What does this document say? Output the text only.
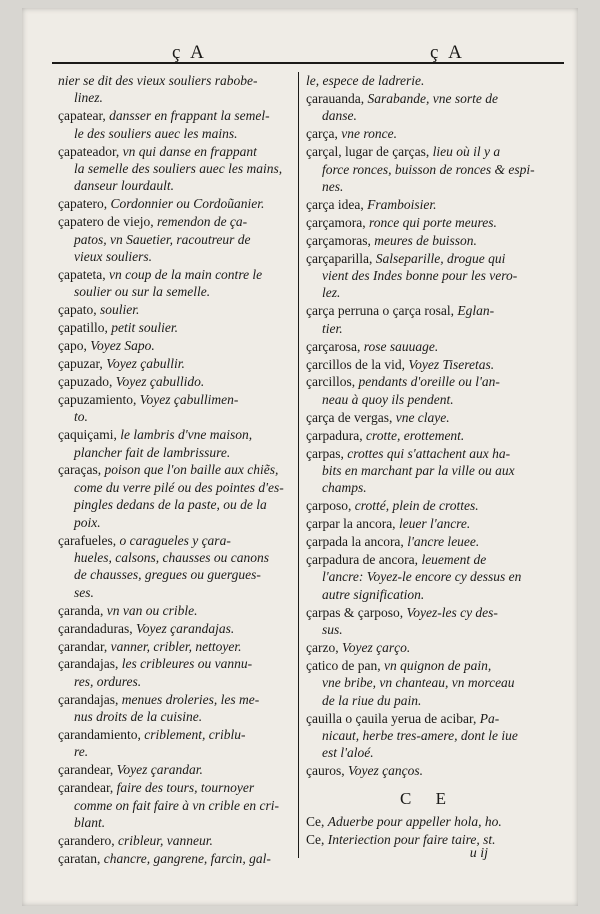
ç A	ç A
nier se dit des vieux souliers rabobe-
linez.
çapatear, dansser en frappant la semel-
le des souliers auec les mains.
çapateador, vn qui danse en frappant
la semelle des souliers auec les mains,
danseur lourdault.
çapatero, Cordonnier ou Cordoũanier.
çapatero de viejo, remendon de ça-
patos, vn Sauetier, racoutreur de
vieux souliers.
çapateta, vn coup de la main contre le
soulier ou sur la semelle.
çapato, soulier.
çapatillo, petit soulier.
çapo, Voyez Sapo.
çapuzar, Voyez çabullir.
çapuzado, Voyez çabullido.
çapuzamiento, Voyez çabullimen-
to.
çaquiçami, le lambris d'vne maison,
plancher fait de lambrissure.
çaraças, poison que l'on baille aux chiẽs,
come du verre pilé ou des pointes d'es-
pingles dedans de la paste, ou de la
poix.
çarafueles, o caragueles y çara-
hueles, calsons, chausses ou canons
de chausses, gregues ou guergues-
ses.
çaranda, vn van ou crible.
çarandaduras, Voyez çarandajas.
çarandar, vanner, cribler, nettoyer.
çarandajas, les cribleures ou vannu-
res, ordures.
çarandajas, menues droleries, les me-
nus droits de la cuisine.
çarandamiento, criblement, criblu-
re.
çarandear, Voyez çarandar.
çarandear, faire des tours, tournoyer
comme on fait faire à vn crible en cri-
blant.
çarandero, cribleur, vanneur.
çaratan, chancre, gangrene, farcin, gal-
le, espece de ladrerie.
çarauanda, Sarabande, vne sorte de
danse.
çarça, vne ronce.
çarçal, lugar de çarças, lieu où il y a
force ronces, buisson de ronces & espi-
nes.
çarça idea, Framboisier.
çarçamora, ronce qui porte meures.
çarçamoras, meures de buisson.
çarçaparilla, Salseparille, drogue qui
vient des Indes bonne pour les vero-
lez.
çarça perruna o çarça rosal, Eglan-
tier.
çarçarosa, rose sauuage.
çarcillos de la vid, Voyez Tiseretas.
çarcillos, pendants d'oreille ou l'an-
neau à quoy ils pendent.
çarça de vergas, vne claye.
çarpadura, crotte, erottement.
çarpas, crottes qui s'attachent aux ha-
bits en marchant par la ville ou aux
champs.
çarposo, crotté, plein de crottes.
çarpar la ancora, leuer l'ancre.
çarpada la ancora, l'ancre leuee.
çarpadura de ancora, leuement de
l'ancre: Voyez-le encore cy dessus en
autre signification.
çarpas & çarposo, Voyez-les cy des-
sus.
çarzo, Voyez çarço.
çatico de pan, vn quignon de pain,
vne bribe, vn chanteau, vn morceau
de la riue du pain.
çauilla o çauila yerua de acibar, Pa-
nicaut, herbe tres-amere, dont le iue
est l'aloé.
çauros, Voyez çanços.
C E
Ce, Aduerbe pour appeller hola, ho.
Ce, Interiection pour faire taire, st.
u ij
